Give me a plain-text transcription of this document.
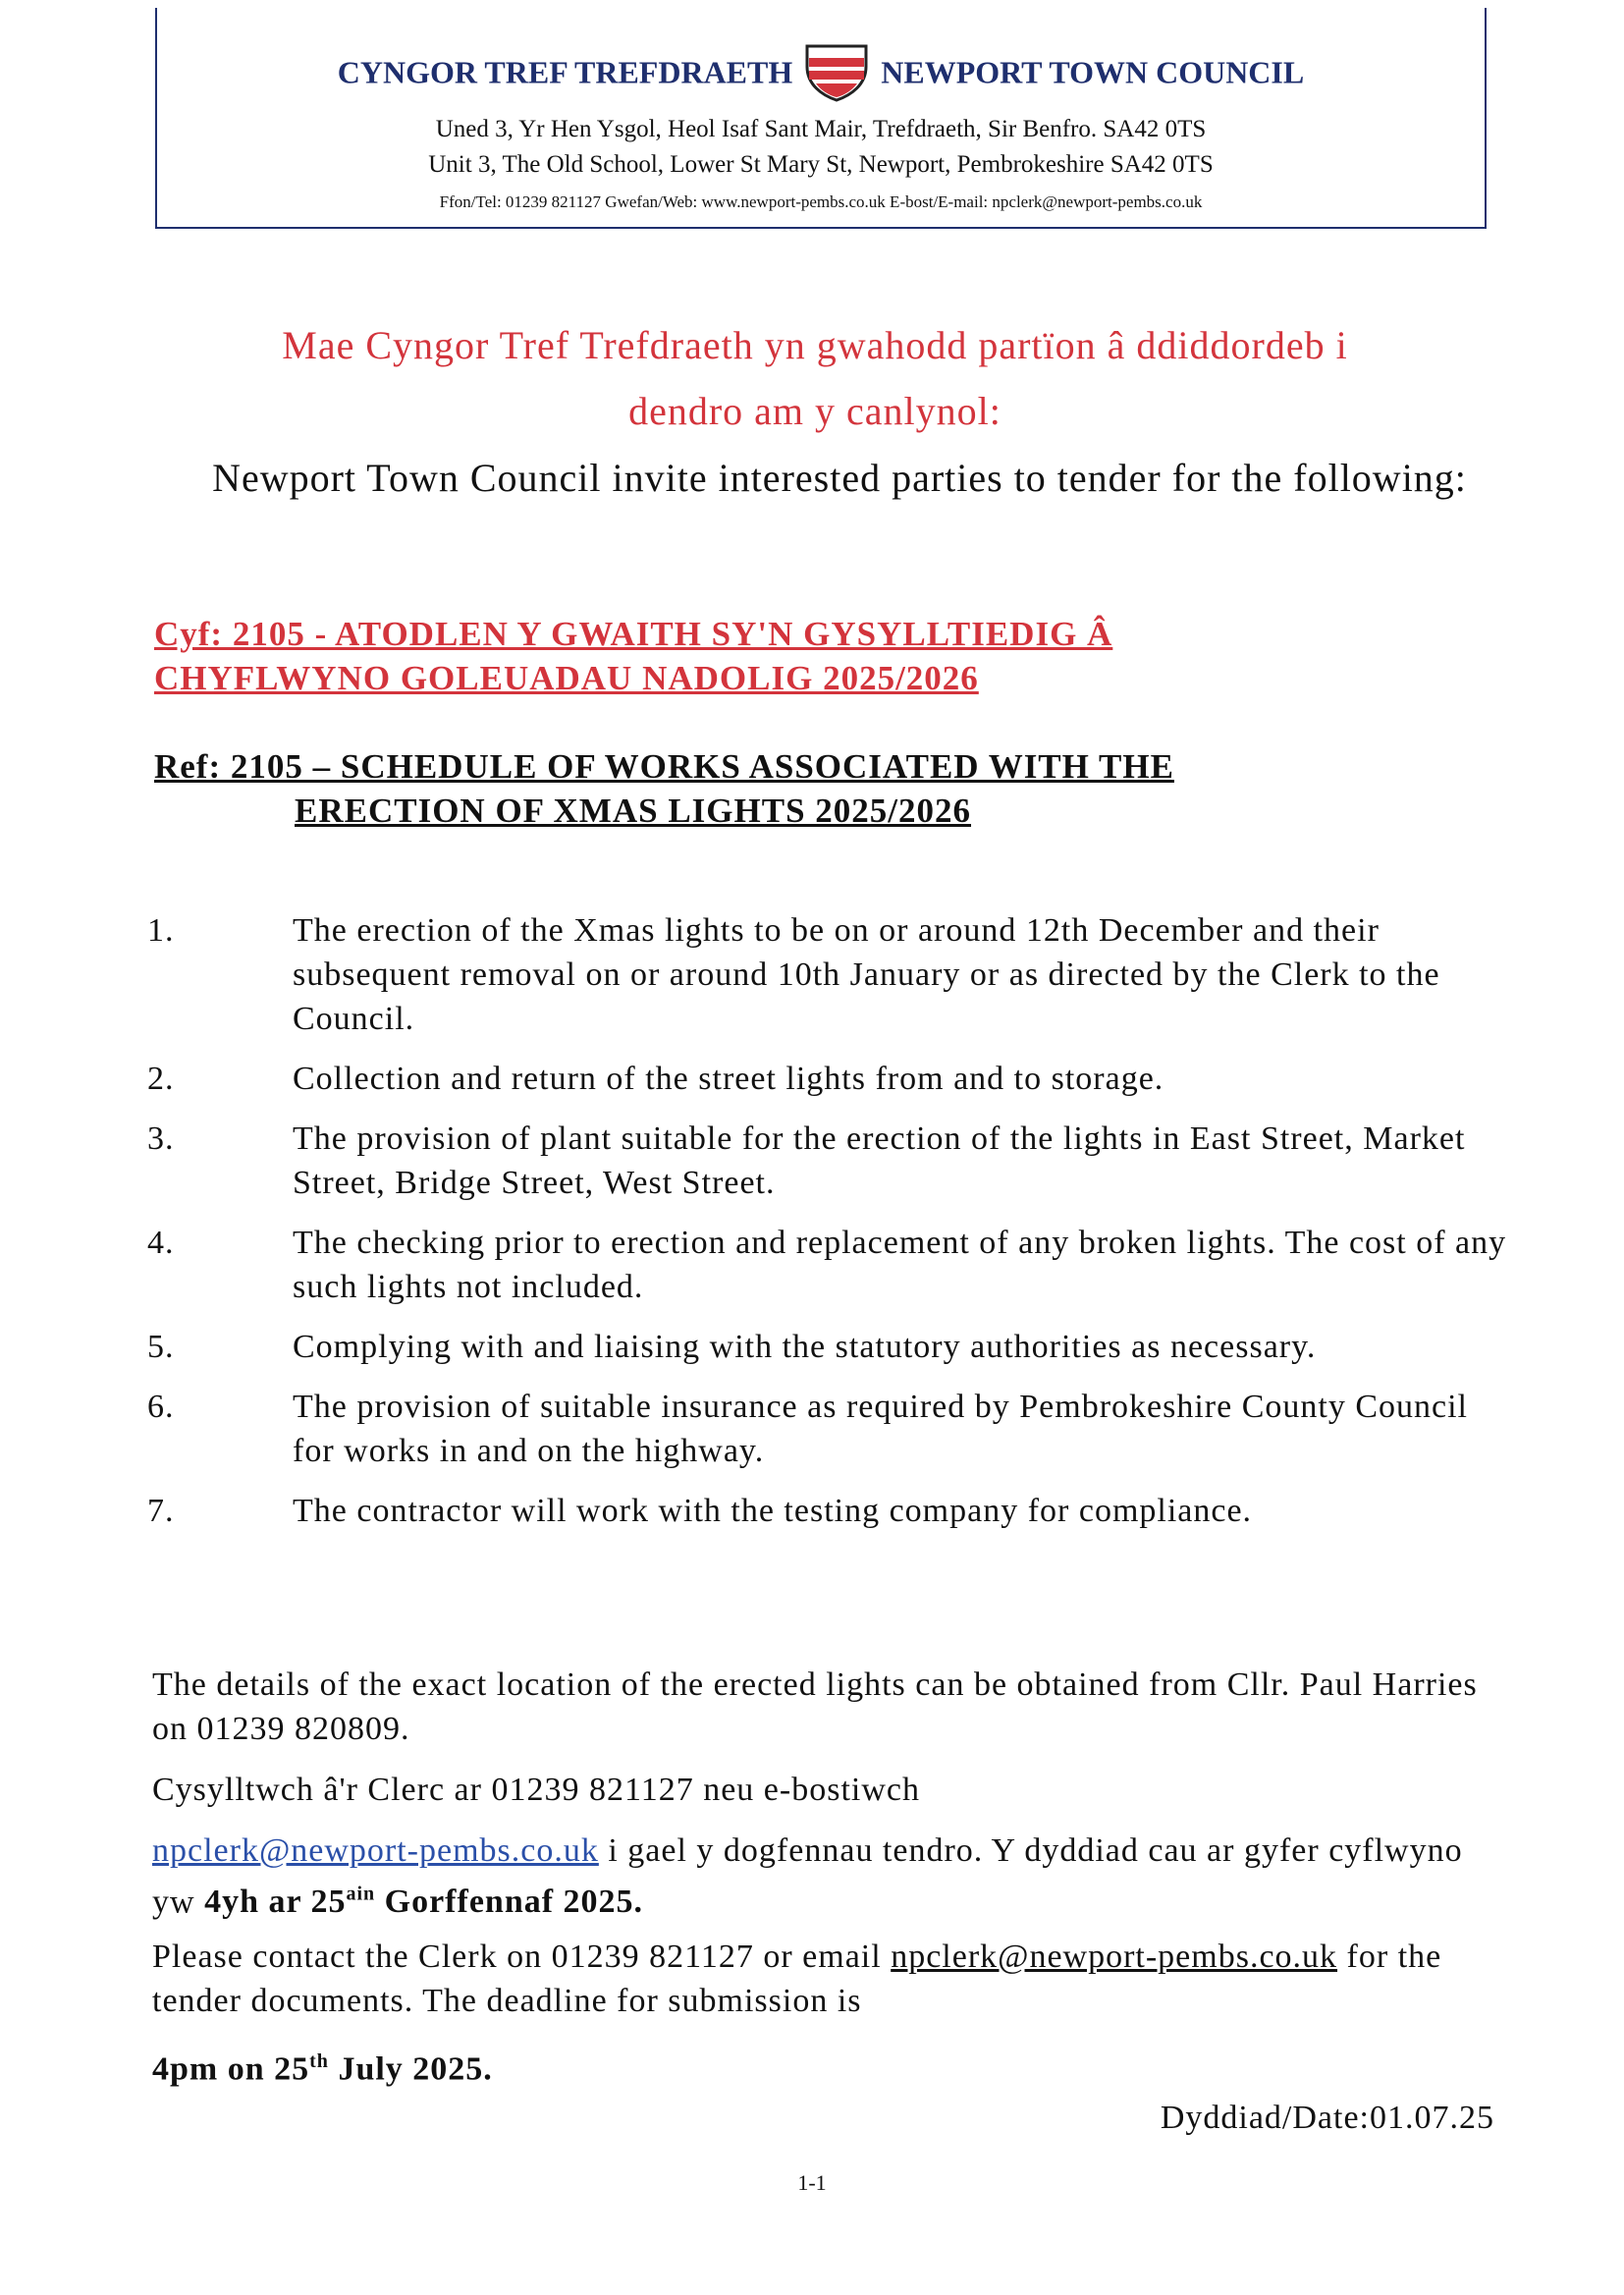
CYNGOR TREF TREFDRAETH	NEWPORT TOWN COUNCIL
Uned 3, Yr Hen Ysgol, Heol Isaf Sant Mair, Trefdraeth, Sir Benfro. SA42 0TS
Unit 3, The Old School, Lower St Mary St, Newport, Pembrokeshire SA42 0TS
Ffon/Tel: 01239 821127 Gwefan/Web: www.newport-pembs.co.uk E-bost/E-mail: npclerk@newport-pembs.co.uk
Mae Cyngor Tref Trefdraeth yn gwahodd partïon â ddiddordeb i dendro am y canlynol:
Newport Town Council invite interested parties to tender for the following:
Cyf: 2105 - ATODLEN Y GWAITH SY'N GYSYLLTIEDIG Â
CHYFLWYNO GOLEUADAU NADOLIG 2025/2026
Ref: 2105 – SCHEDULE OF WORKS ASSOCIATED WITH THE
ERECTION OF XMAS LIGHTS 2025/2026
1.	The erection of the Xmas lights to be on or around 12th December and their subsequent removal on or around 10th January or as directed by the Clerk to the Council.
2.	Collection and return of the street lights from and to storage.
3.	The provision of plant suitable for the erection of the lights in East Street, Market Street, Bridge Street, West Street.
4.	The checking prior to erection and replacement of any broken lights. The cost of any such lights not included.
5.	Complying with and liaising with the statutory authorities as necessary.
6.	The provision of suitable insurance as required by Pembrokeshire County Council for works in and on the highway.
7.	The contractor will work with the testing company for compliance.
The details of the exact location of the erected lights can be obtained from Cllr. Paul Harries on 01239 820809.
Cysylltwch â'r Clerc ar 01239 821127 neu e-bostiwch
npclerk@newport-pembs.co.uk i gael y dogfennau tendro. Y dyddiad cau ar gyfer cyflwyno yw 4yh ar $25^{ain}$ Gorffennaf 2025.
Please contact the Clerk on 01239 821127 or email npclerk@newport-pembs.co.uk for the tender documents. The deadline for submission is
4pm on 25th July 2025.
Dyddiad/Date:01.07.25
1-1
